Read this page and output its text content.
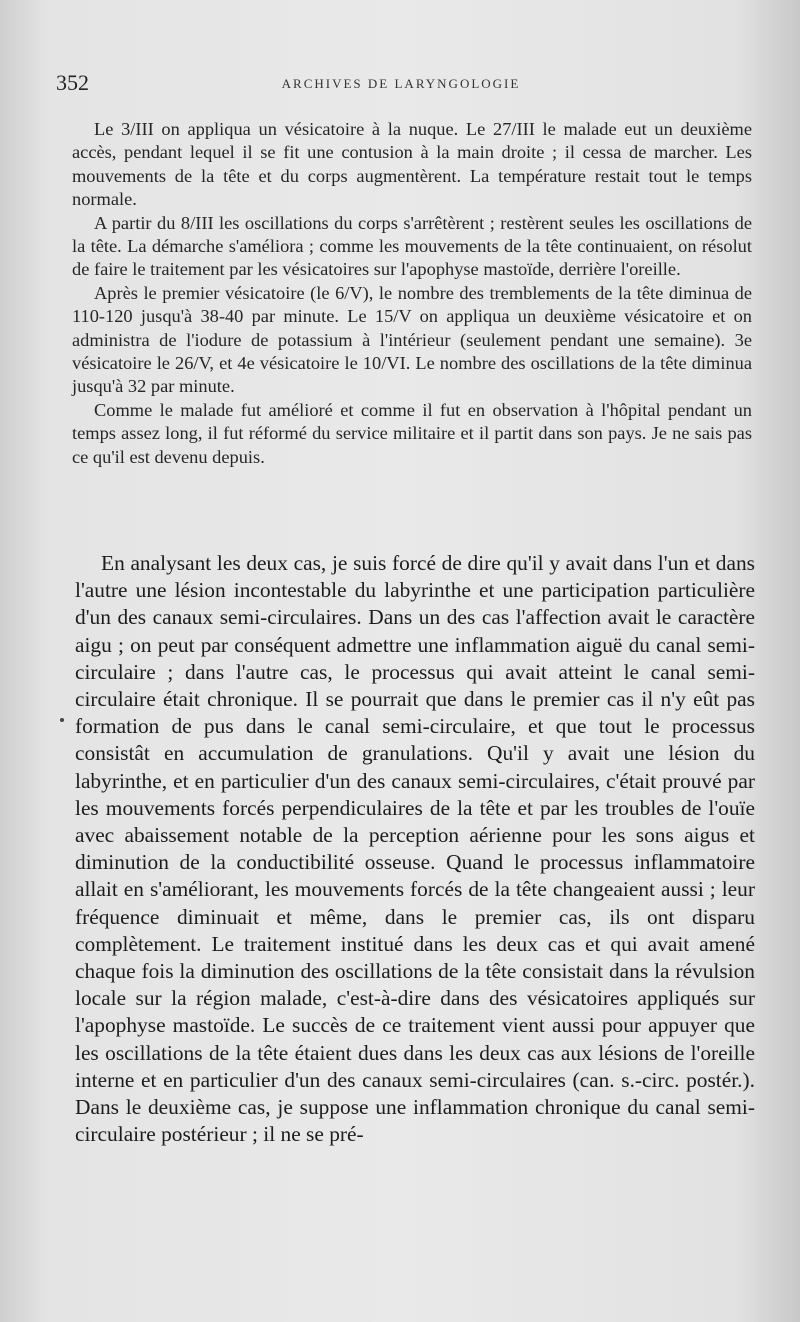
352	ARCHIVES DE LARYNGOLOGIE

Le 3/III on appliqua un vésicatoire à la nuque. Le 27/III le malade eut un deuxième accès, pendant lequel il se fit une contusion à la main droite ; il cessa de marcher. Les mouvements de la tête et du corps augmentèrent. La température restait tout le temps normale.

A partir du 8/III les oscillations du corps s'arrêtèrent ; restèrent seules les oscillations de la tête. La démarche s'améliora ; comme les mouvements de la tête continuaient, on résolut de faire le traitement par les vésicatoires sur l'apophyse mastoïde, derrière l'oreille.

Après le premier vésicatoire (le 6/V), le nombre des tremblements de la tête diminua de 110-120 jusqu'à 38-40 par minute. Le 15/V on appliqua un deuxième vésicatoire et on administra de l'iodure de potassium à l'intérieur (seulement pendant une semaine). 3e vésicatoire le 26/V, et 4e vésicatoire le 10/VI. Le nombre des oscillations de la tête diminua jusqu'à 32 par minute.

Comme le malade fut amélioré et comme il fut en observation à l'hôpital pendant un temps assez long, il fut réformé du service militaire et il partit dans son pays. Je ne sais pas ce qu'il est devenu depuis.

En analysant les deux cas, je suis forcé de dire qu'il y avait dans l'un et dans l'autre une lésion incontestable du labyrinthe et une participation particulière d'un des canaux semi-circulaires. Dans un des cas l'affection avait le caractère aigu ; on peut par conséquent admettre une inflammation aiguë du canal semi-circulaire ; dans l'autre cas, le processus qui avait atteint le canal semi-circulaire était chronique. Il se pourrait que dans le premier cas il n'y eût pas formation de pus dans le canal semi-circulaire, et que tout le processus consistât en accumulation de granulations. Qu'il y avait une lésion du labyrinthe, et en particulier d'un des canaux semi-circulaires, c'était prouvé par les mouvements forcés perpendiculaires de la tête et par les troubles de l'ouïe avec abaissement notable de la perception aérienne pour les sons aigus et diminution de la conductibilité osseuse. Quand le processus inflammatoire allait en s'améliorant, les mouvements forcés de la tête changeaient aussi ; leur fréquence diminuait et même, dans le premier cas, ils ont disparu complètement. Le traitement institué dans les deux cas et qui avait amené chaque fois la diminution des oscillations de la tête consistait dans la révulsion locale sur la région malade, c'est-à-dire dans des vésicatoires appliqués sur l'apophyse mastoïde. Le succès de ce traitement vient aussi pour appuyer que les oscillations de la tête étaient dues dans les deux cas aux lésions de l'oreille interne et en particulier d'un des canaux semi-circulaires (can. s.-circ. postér.). Dans le deuxième cas, je suppose une inflammation chronique du canal semi-circulaire postérieur ; il ne se pré-
